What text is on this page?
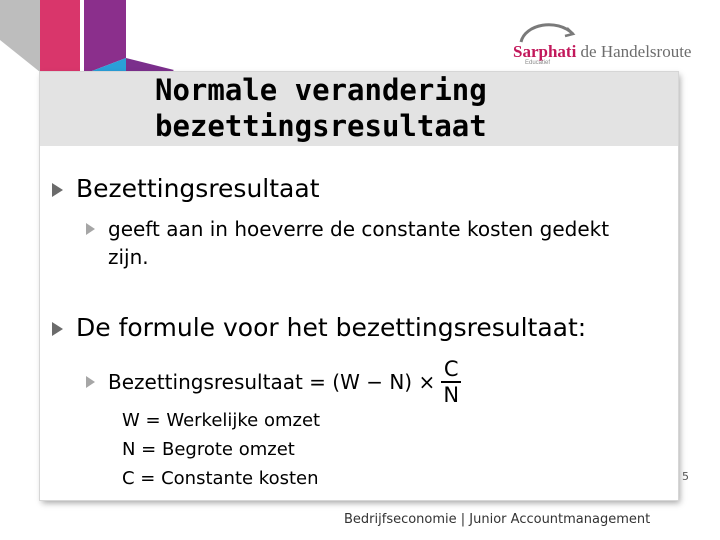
Sarphati de Handelsroute
Educatief
Normale verandering
bezettingsresultaat
Bezettingsresultaat
geeft aan in hoeverre de constante kosten gedekt zijn.
De formule voor het bezettingsresultaat:
Bezettingsresultaat = $(W - N) \times \frac{C}{N}$
W = Werkelijke omzet
N = Begrote omzet
C = Constante kosten	5
Bedrijfseconomie | Junior Accountmanagement
